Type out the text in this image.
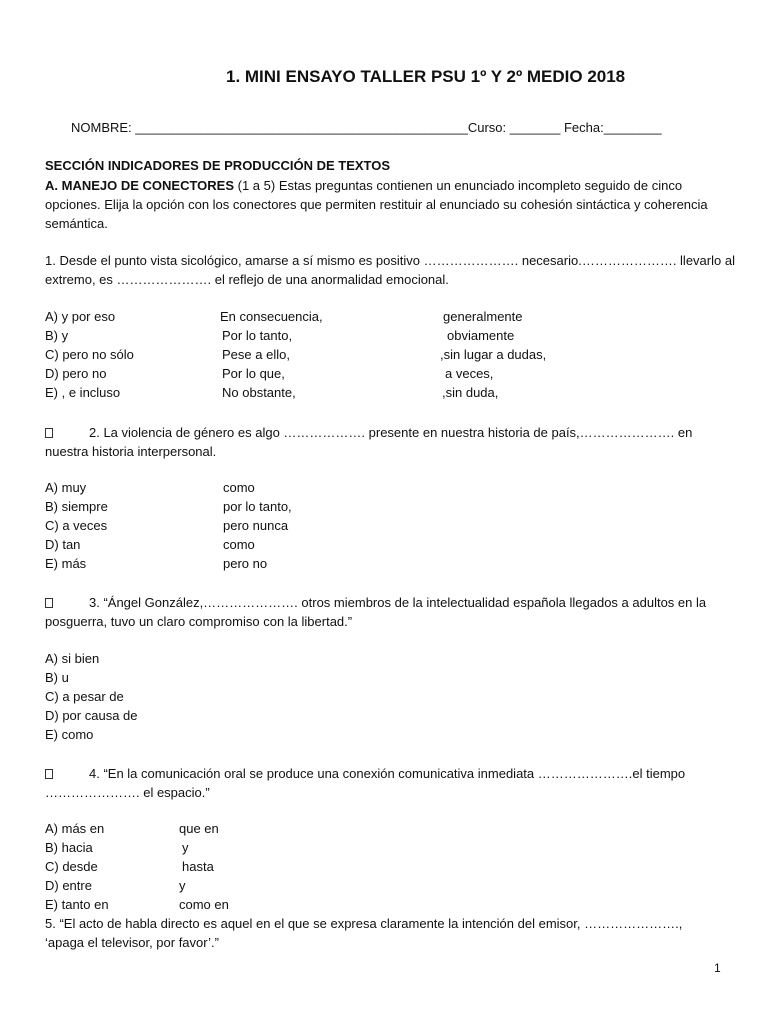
1. MINI ENSAYO TALLER PSU 1º Y 2º MEDIO 2018
NOMBRE: ______________________________________________Curso: _______ Fecha:________
SECCIÓN INDICADORES DE PRODUCCIÓN DE TEXTOS
A. MANEJO DE CONECTORES (1 a 5) Estas preguntas contienen un enunciado incompleto seguido de cinco opciones. Elija la opción con los conectores que permiten restituir al enunciado su cohesión sintáctica y coherencia semántica.
1. Desde el punto vista sicológico, amarse a sí mismo es positivo …………………. necesario.…………………. llevarlo al extremo, es …………………. el reflejo de una anormalidad emocional.
A) y por eso	En consecuencia,	generalmente
B) y	Por lo tanto,	obviamente
C) pero no sólo	Pese a ello,	,sin lugar a dudas,
D) pero no	Por lo que,	a veces,
E) , e incluso	No obstante,	,sin duda,
2. La violencia de género es algo ………………. presente en nuestra historia de país,…………………. en nuestra historia interpersonal.
A) muy	como
B) siempre	por lo tanto,
C) a veces	pero nunca
D) tan	como
E) más	pero no
3. “Ángel González,…………………. otros miembros de la intelectualidad española llegados a adultos en la posguerra, tuvo un claro compromiso con la libertad.”
A) si bien
B) u
C) a pesar de
D) por causa de
E) como
4. “En la comunicación oral se produce una conexión comunicativa inmediata ………………….el tiempo …………………. el espacio.”
A) más en	que en
B) hacia	y
C) desde	hasta
D) entre	y
E) tanto en	como en
5. “El acto de habla directo es aquel en el que se expresa claramente la intención del emisor, ………………….,
‘apaga el televisor, por favor’.”
1
